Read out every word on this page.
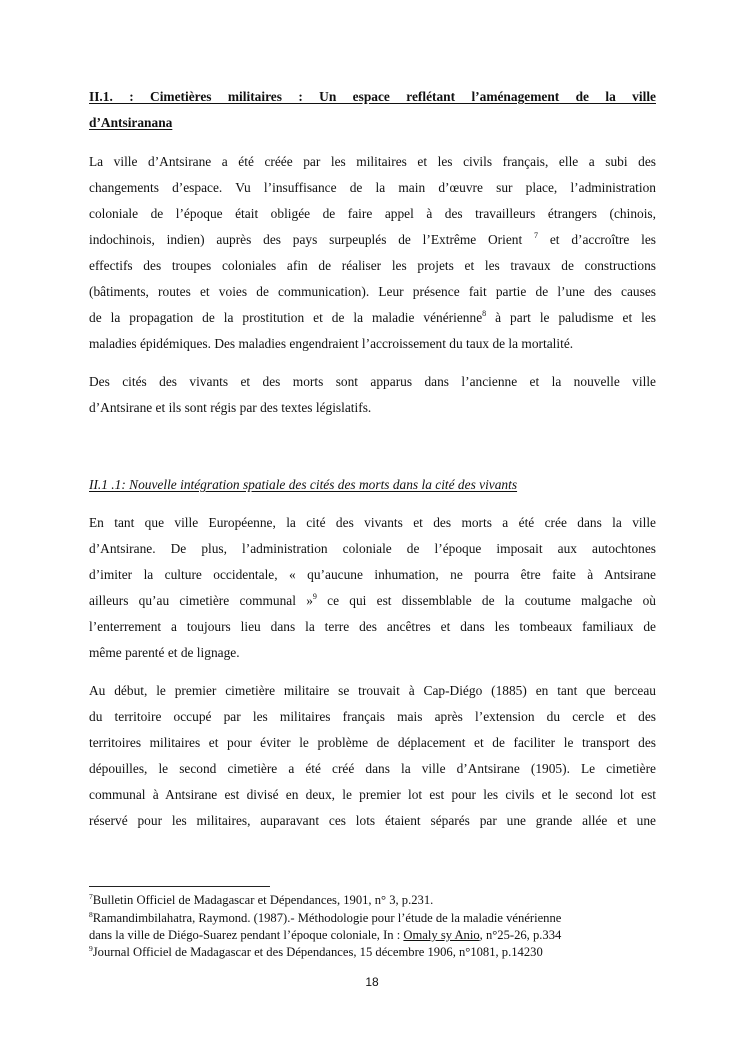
II.1. : Cimetières militaires : Un espace reflétant l’aménagement de la ville
d’Antsiranana
La ville d’Antsirane a été créée par les militaires et les civils français, elle a subi des
changements d’espace. Vu l’insuffisance de la main d’œuvre sur place, l’administration
coloniale de l’époque était obligée de faire appel à des travailleurs étrangers (chinois,
indochinois, indien) auprès des pays surpeuplés de l’Extrême Orient $^7$ et d’accroître les
effectifs des troupes coloniales afin de réaliser les projets et les travaux de constructions
(bâtiments, routes et voies de communication). Leur présence fait partie de l’une des causes
de la propagation de la prostitution et de la maladie vénérienne$^8$ à part le paludisme et les
maladies épidémiques. Des maladies engendraient l’accroissement du taux de la mortalité.
Des cités des vivants et des morts sont apparus dans l’ancienne et la nouvelle ville
d’Antsirane et ils sont régis par des textes législatifs.
II.1 .1: Nouvelle intégration spatiale des cités des morts dans la cité des vivants
En tant que ville Européenne, la cité des vivants et des morts a été crée dans la ville
d’Antsirane. De plus, l’administration coloniale de l’époque imposait aux autochtones
d’imiter la culture occidentale, « qu’aucune inhumation, ne pourra être faite à Antsirane
ailleurs qu’au cimetière communal »$^9$ ce qui est dissemblable de la coutume malgache où
l’enterrement a toujours lieu dans la terre des ancêtres et dans les tombeaux familiaux de
même parenté et de lignage.
Au début, le premier cimetière militaire se trouvait à Cap-Diégo (1885) en tant que berceau
du territoire occupé par les militaires français mais après l’extension du cercle et des
territoires militaires et pour éviter le problème de déplacement et de faciliter le transport des
dépouilles, le second cimetière a été créé dans la ville d’Antsirane (1905). Le cimetière
communal à Antsirane est divisé en deux, le premier lot est pour les civils et le second lot est
réservé pour les militaires, auparavant ces lots étaient séparés par une grande allée et une
$^7$Bulletin Officiel de Madagascar et Dépendances, 1901, n° 3, p.231.
$^8$Ramandimbilahatra, Raymond. (1987).- Méthodologie pour l’étude de la maladie vénérienne
dans la ville de Diégo-Suarez pendant l’époque coloniale, In : Omaly sy Anio, n°25-26, p.334
$^9$Journal Officiel de Madagascar et des Dépendances, 15 décembre 1906, n°1081, p.14230
18
